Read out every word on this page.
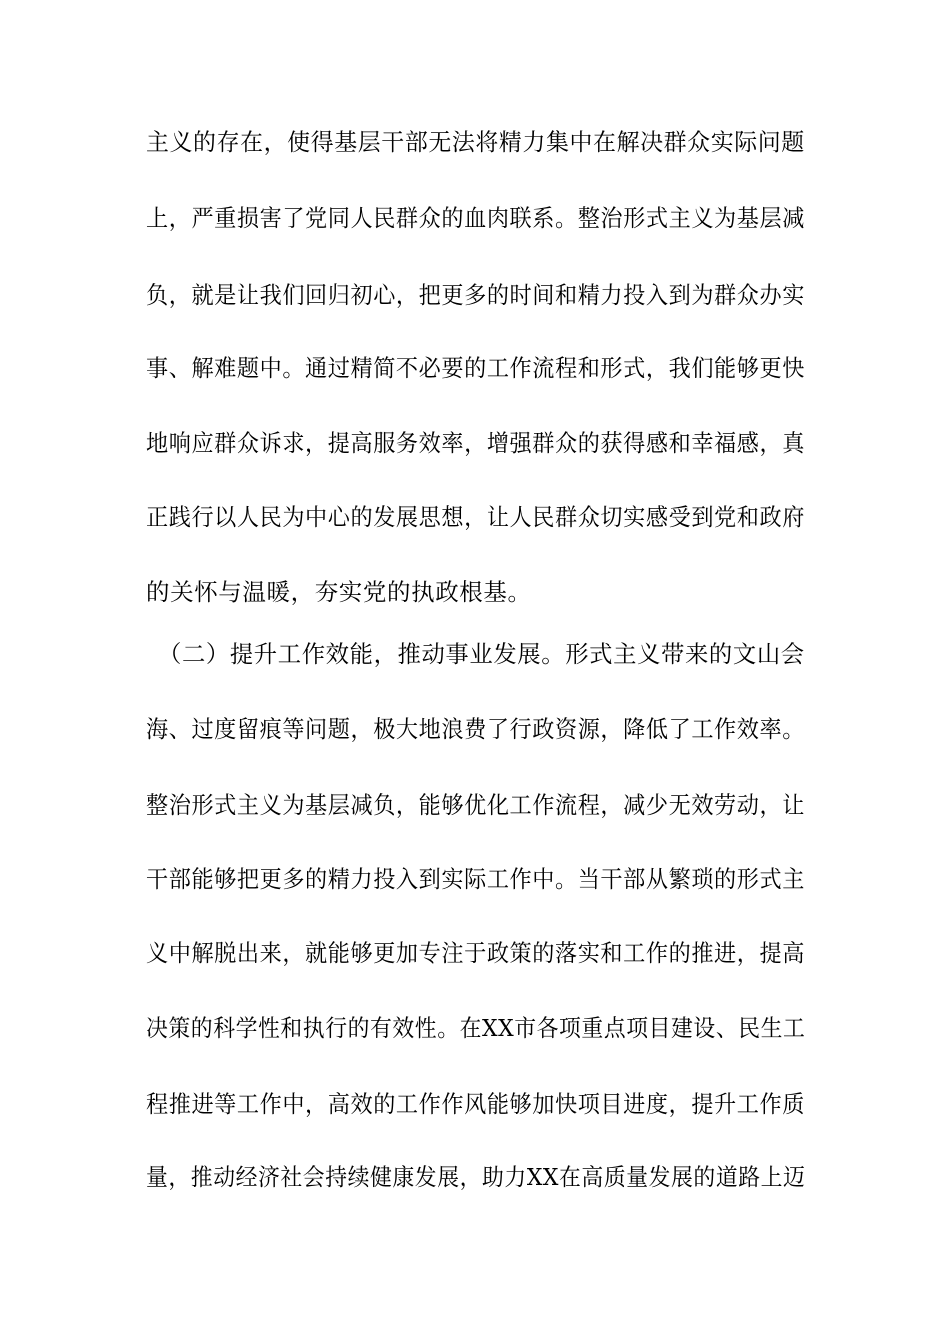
主义的存在，使得基层干部无法将精力集中在解决群众实际问题
上，严重损害了党同人民群众的血肉联系。整治形式主义为基层减
负，就是让我们回归初心，把更多的时间和精力投入到为群众办实
事、解难题中。通过精简不必要的工作流程和形式，我们能够更快
地响应群众诉求，提高服务效率，增强群众的获得感和幸福感，真
正践行以人民为中心的发展思想，让人民群众切实感受到党和政府
的关怀与温暖，夯实党的执政根基。
（二）提升工作效能，推动事业发展。形式主义带来的文山会
海、过度留痕等问题，极大地浪费了行政资源，降低了工作效率。
整治形式主义为基层减负，能够优化工作流程，减少无效劳动，让
干部能够把更多的精力投入到实际工作中。当干部从繁琐的形式主
义中解脱出来，就能够更加专注于政策的落实和工作的推进，提高
决策的科学性和执行的有效性。在XX市各项重点项目建设、民生工
程推进等工作中，高效的工作作风能够加快项目进度，提升工作质
量，推动经济社会持续健康发展，助力XX在高质量发展的道路上迈
